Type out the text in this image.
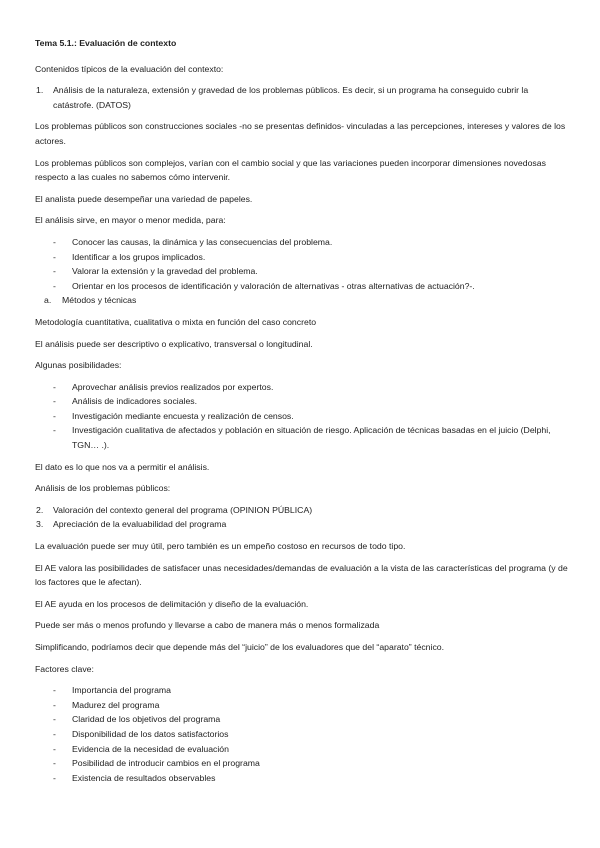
Tema 5.1.: Evaluación de contexto

Contenidos típicos de la evaluación del contexto:

1. Análisis de la naturaleza, extensión y gravedad de los problemas públicos. Es decir, si un programa ha conseguido cubrir la catástrofe. (DATOS)

Los problemas públicos son construcciones sociales -no se presentas definidos- vinculadas a las percepciones, intereses y valores de los actores.

Los problemas públicos son complejos, varían con el cambio social y que las variaciones pueden incorporar dimensiones novedosas respecto a las cuales no sabemos cómo intervenir.

El analista puede desempeñar una variedad de papeles.

El análisis sirve, en mayor o menor medida, para:

- Conocer las causas, la dinámica y las consecuencias del problema.
- Identificar a los grupos implicados.
- Valorar la extensión y la gravedad del problema.
- Orientar en los procesos de identificación y valoración de alternativas - otras alternativas de actuación?-.

a. Métodos y técnicas

Metodología cuantitativa, cualitativa o mixta en función del caso concreto

El análisis puede ser descriptivo o explicativo, transversal o longitudinal.

Algunas posibilidades:

- Aprovechar análisis previos realizados por expertos.
- Análisis de indicadores sociales.
- Investigación mediante encuesta y realización de censos.
- Investigación cualitativa de afectados y población en situación de riesgo. Aplicación de técnicas basadas en el juicio (Delphi, TGN… .).

El dato es lo que nos va a permitir el análisis.

Análisis de los problemas públicos:

2. Valoración del contexto general del programa (OPINION PÚBLICA)

3. Apreciación de la evaluabilidad del programa

La evaluación puede ser muy útil, pero también es un empeño costoso en recursos de todo tipo.

El AE valora las posibilidades de satisfacer unas necesidades/demandas de evaluación a la vista de las características del programa (y de los factores que le afectan).

El AE ayuda en los procesos de delimitación y diseño de la evaluación.

Puede ser más o menos profundo y llevarse a cabo de manera más o menos formalizada

Simplificando, podríamos decir que depende más del “juicio” de los evaluadores que del “aparato” técnico.

Factores clave:

- Importancia del programa
- Madurez del programa
- Claridad de los objetivos del programa
- Disponibilidad de los datos satisfactorios
- Evidencia de la necesidad de evaluación
- Posibilidad de introducir cambios en el programa
- Existencia de resultados observables
